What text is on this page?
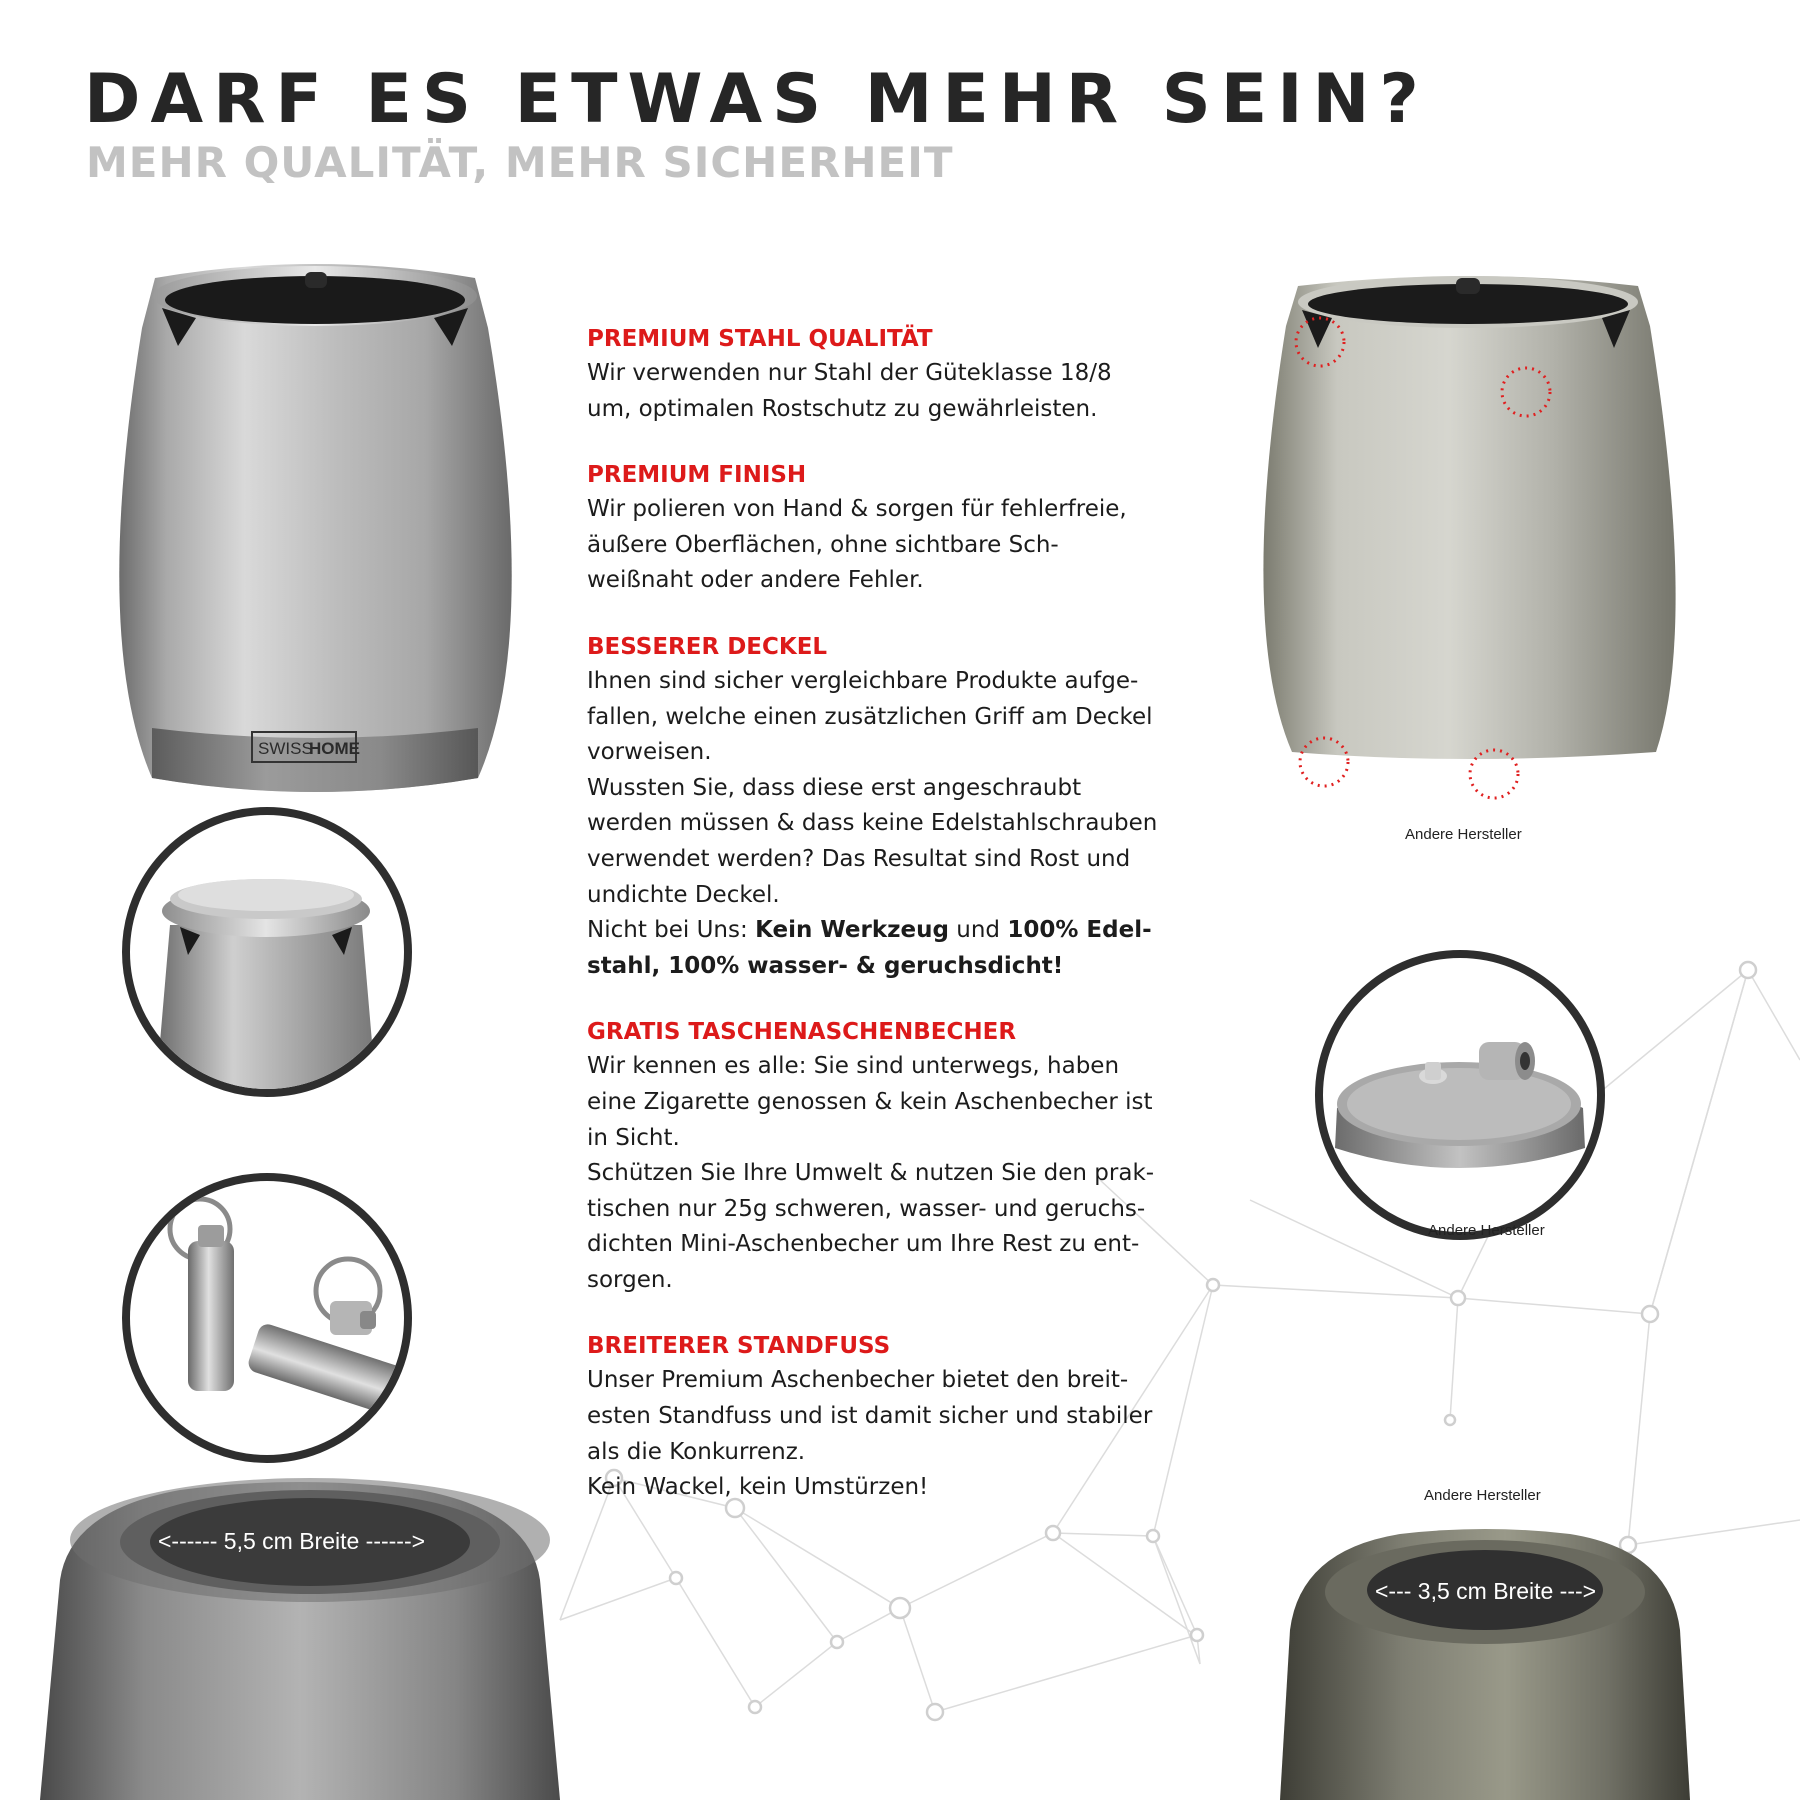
DARF ES ETWAS MEHR SEIN?
MEHR QUALITÄT, MEHR SICHERHEIT
SWISS
HOME
<------ 5,5 cm Breite ------>
Andere Hersteller
Andere Hersteller
Andere Hersteller
<--- 3,5 cm Breite --->
PREMIUM STAHL QUALITÄT

Wir verwenden nur Stahl der Güteklasse 18/8

um, optimalen Rostschutz zu gewährleisten.

PREMIUM FINISH

Wir polieren von Hand & sorgen für fehlerfreie,

äußere Oberflächen, ohne sichtbare Sch-

weißnaht oder andere Fehler.

BESSERER DECKEL

Ihnen sind sicher vergleichbare Produkte aufge-

fallen, welche einen zusätzlichen Griff am Deckel

vorweisen.

Wussten Sie, dass diese erst angeschraubt

werden müssen & dass keine Edelstahlschrauben

verwendet werden? Das Resultat sind Rost und

undichte Deckel.

Nicht bei Uns: Kein Werkzeug und 100% Edel-

stahl, 100% wasser- & geruchsdicht!

GRATIS TASCHENASCHENBECHER

Wir kennen es alle: Sie sind unterwegs, haben

eine Zigarette genossen & kein Aschenbecher ist

in Sicht.

Schützen Sie Ihre Umwelt & nutzen Sie den prak-

tischen nur 25g schweren, wasser- und geruchs-

dichten Mini-Aschenbecher um Ihre Rest zu ent-

sorgen.

BREITERER STANDFUSS

Unser Premium Aschenbecher bietet den breit-

esten Standfuss und ist damit sicher und stabiler

als die Konkurrenz.

Kein Wackel, kein Umstürzen!
